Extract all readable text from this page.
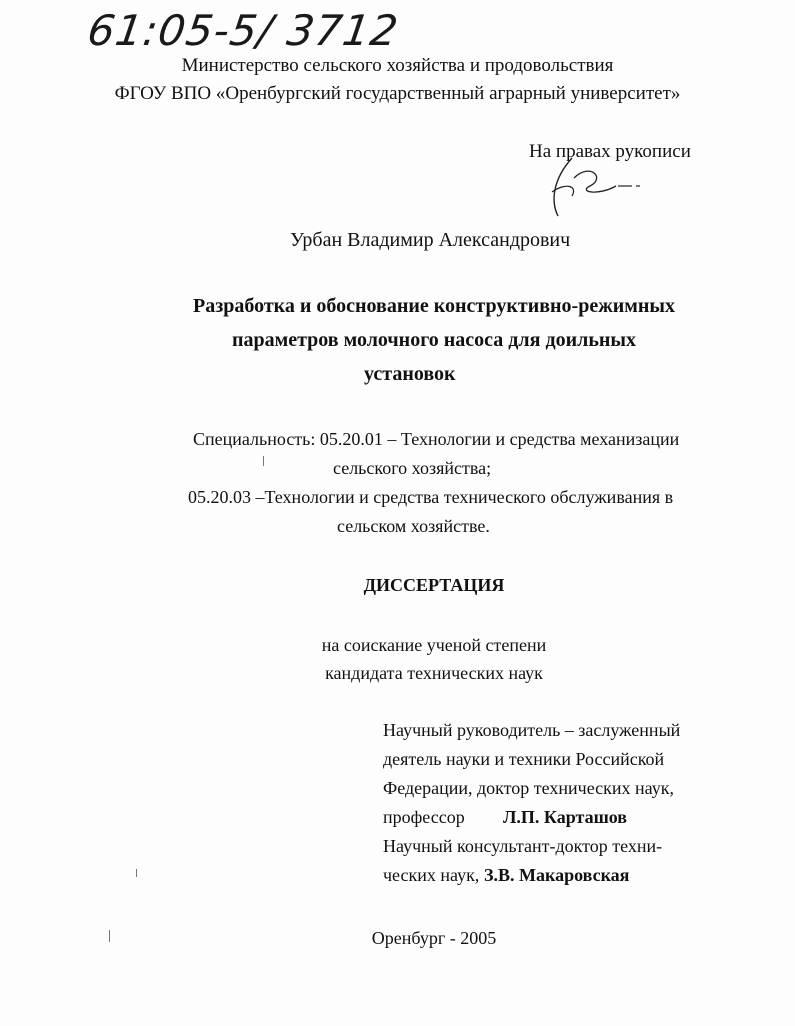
61:05-5/ 3712
Министерство сельского хозяйства и продовольствия
ФГОУ ВПО «Оренбургский государственный аграрный университет»
На правах рукописи
Урбан Владимир Александрович
Разработка и обоснование конструктивно-режимных
параметров молочного насоса для доильных
установок
Специальность: 05.20.01 – Технологии и средства механизации
сельского хозяйства;
05.20.03 –Технологии и средства технического обслуживания в
сельском хозяйстве.
ДИССЕРТАЦИЯ
на соискание ученой степени
кандидата технических наук
Научный руководитель – заслуженный
деятель науки и техники Российской
Федерации, доктор технических наук,
профессор Л.П. Карташов
Научный консультант-доктор техни-
ческих наук, З.В. Макаровская
Оренбург - 2005
